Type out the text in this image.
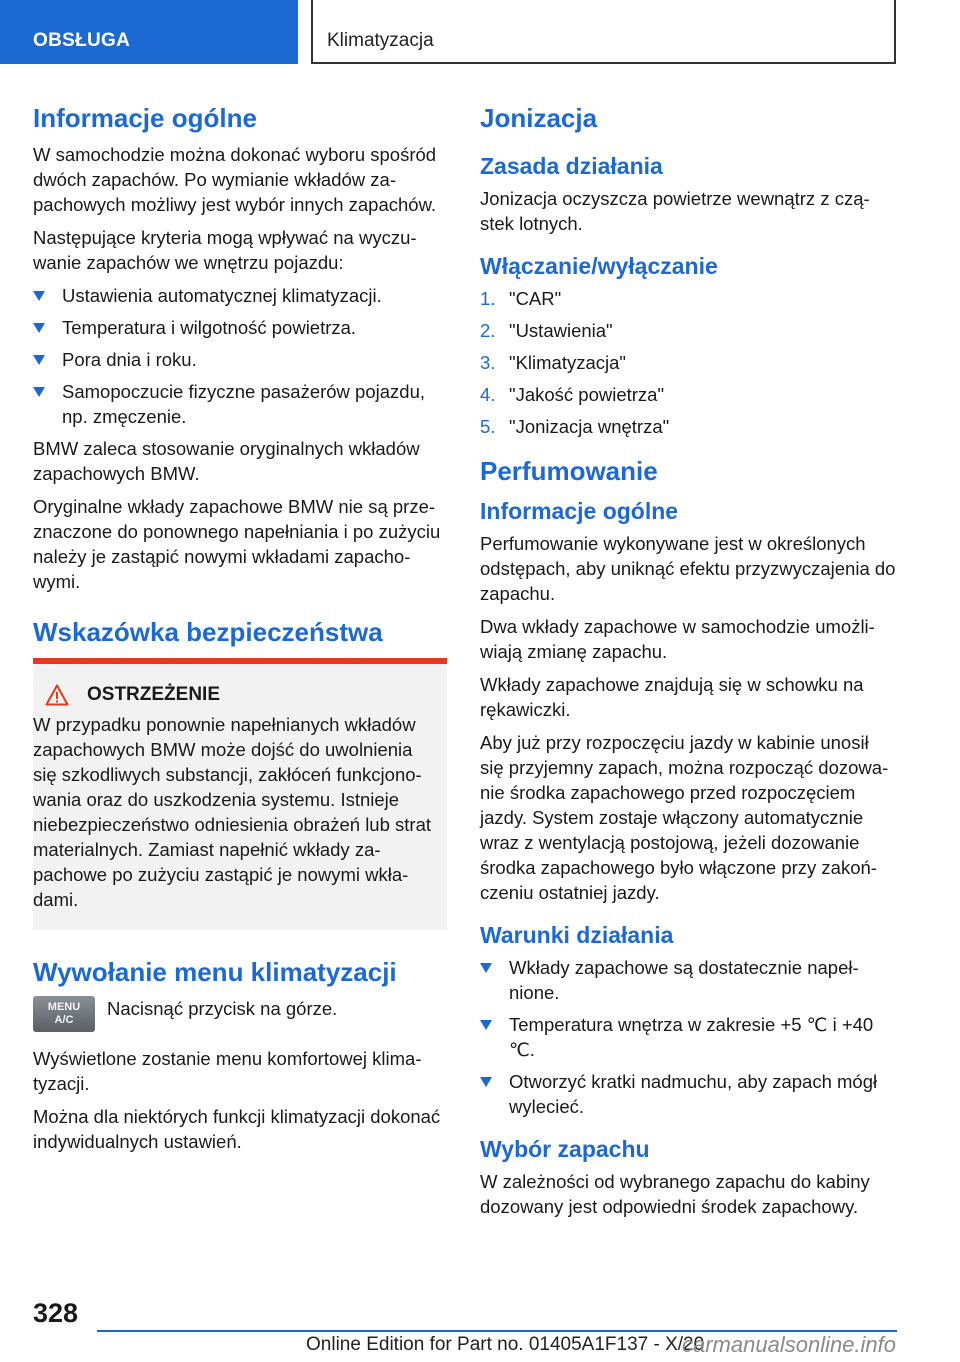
OBSŁUGA	Klimatyzacja
Informacje ogólne

W samochodzie można dokonać wyboru spośród dwóch zapachów. Po wymianie wkładów zapachowych możliwy jest wybór innych zapachów.

Następujące kryteria mogą wpływać na wyczuwanie zapachów we wnętrzu pojazdu:

Ustawienia automatycznej klimatyzacji.
Temperatura i wilgotność powietrza.
Pora dnia i roku.
Samopoczucie fizyczne pasażerów pojazdu, np. zmęczenie.

BMW zaleca stosowanie oryginalnych wkładów zapachowych BMW.

Oryginalne wkłady zapachowe BMW nie są przeznaczone do ponownego napełniania i po zużyciu należy je zastąpić nowymi wkładami zapachowymi.

Wskazówka bezpieczeństwa
OSTRZEŻENIE

W przypadku ponownie napełnianych wkładów zapachowych BMW może dojść do uwolnienia się szkodliwych substancji, zakłóceń funkcjonowania oraz do uszkodzenia systemu. Istnieje niebezpieczeństwo odniesienia obrażeń lub strat materialnych. Zamiast napełnić wkłady zapachowe po zużyciu zastąpić je nowymi wkładami.

Wywołanie menu klimatyzacji
MENU
A/C

Nacisnąć przycisk na górze.

Wyświetlone zostanie menu komfortowej klimatyzacji.

Można dla niektórych funkcji klimatyzacji dokonać indywidualnych ustawień.

Jonizacja
Zasada działania

Jonizacja oczyszcza powietrze wewnątrz z cząstek lotnych.

Włączanie/wyłączanie
1. "CAR"
2. "Ustawienia"
3. "Klimatyzacja"
4. "Jakość powietrza"
5. "Jonizacja wnętrza"
Perfumowanie
Informacje ogólne

Perfumowanie wykonywane jest w określonych odstępach, aby uniknąć efektu przyzwyczajenia do zapachu.

Dwa wkłady zapachowe w samochodzie umożliwiają zmianę zapachu.

Wkłady zapachowe znajdują się w schowku na rękawiczki.

Aby już przy rozpoczęciu jazdy w kabinie unosił się przyjemny zapach, można rozpocząć dozowanie środka zapachowego przed rozpoczęciem jazdy. System zostaje włączony automatycznie wraz z wentylacją postojową, jeżeli dozowanie środka zapachowego było włączone przy zakończeniu ostatniej jazdy.

Warunki działania
Wkłady zapachowe są dostatecznie napełnione.
Temperatura wnętrza w zakresie +5 ℃ i +40 ℃.
Otworzyć kratki nadmuchu, aby zapach mógł wylecieć.
Wybór zapachu

W zależności od wybranego zapachu do kabiny dozowany jest odpowiedni środek zapachowy.

328
Online Edition for Part no. 01405A1F137 - X/20
carmanualsonline.info
